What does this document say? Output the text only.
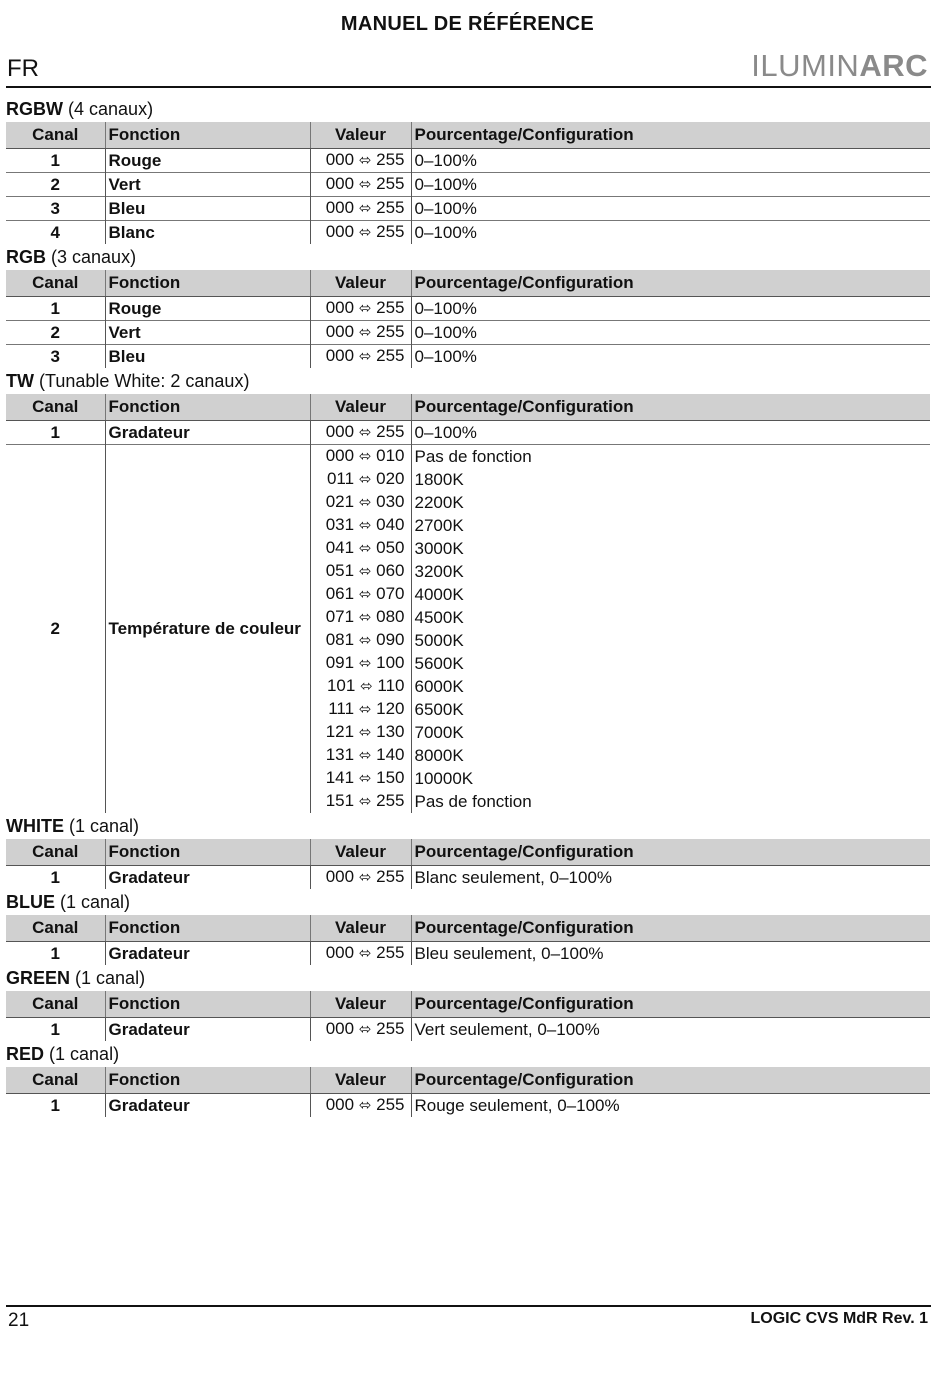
MANUEL DE RÉFÉRENCE
FR	ILUMINARC
RGBW (4 canaux)
Canal	Fonction	Valeur	Pourcentage/Configuration
1	Rouge	000 ⬄ 255	0–100%
2	Vert	000 ⬄ 255	0–100%
3	Bleu	000 ⬄ 255	0–100%
4	Blanc	000 ⬄ 255	0–100%
RGB (3 canaux)
Canal	Fonction	Valeur	Pourcentage/Configuration
1	Rouge	000 ⬄ 255	0–100%
2	Vert	000 ⬄ 255	0–100%
3	Bleu	000 ⬄ 255	0–100%
TW (Tunable White: 2 canaux)
Canal	Fonction	Valeur	Pourcentage/Configuration
1	Gradateur	000 ⬄ 255	0–100%
2	Température de couleur	000 ⬄ 010	Pas de fonction
		011 ⬄ 020	1800K
		021 ⬄ 030	2200K
		031 ⬄ 040	2700K
		041 ⬄ 050	3000K
		051 ⬄ 060	3200K
		061 ⬄ 070	4000K
		071 ⬄ 080	4500K
		081 ⬄ 090	5000K
		091 ⬄ 100	5600K
		101 ⬄ 110	6000K
		111 ⬄ 120	6500K
		121 ⬄ 130	7000K
		131 ⬄ 140	8000K
		141 ⬄ 150	10000K
		151 ⬄ 255	Pas de fonction
WHITE (1 canal)
Canal	Fonction	Valeur	Pourcentage/Configuration
1	Gradateur	000 ⬄ 255	Blanc seulement, 0–100%
BLUE (1 canal)
Canal	Fonction	Valeur	Pourcentage/Configuration
1	Gradateur	000 ⬄ 255	Bleu seulement, 0–100%
GREEN (1 canal)
Canal	Fonction	Valeur	Pourcentage/Configuration
1	Gradateur	000 ⬄ 255	Vert seulement, 0–100%
RED (1 canal)
Canal	Fonction	Valeur	Pourcentage/Configuration
1	Gradateur	000 ⬄ 255	Rouge seulement, 0–100%
21	LOGIC CVS MdR Rev. 1
